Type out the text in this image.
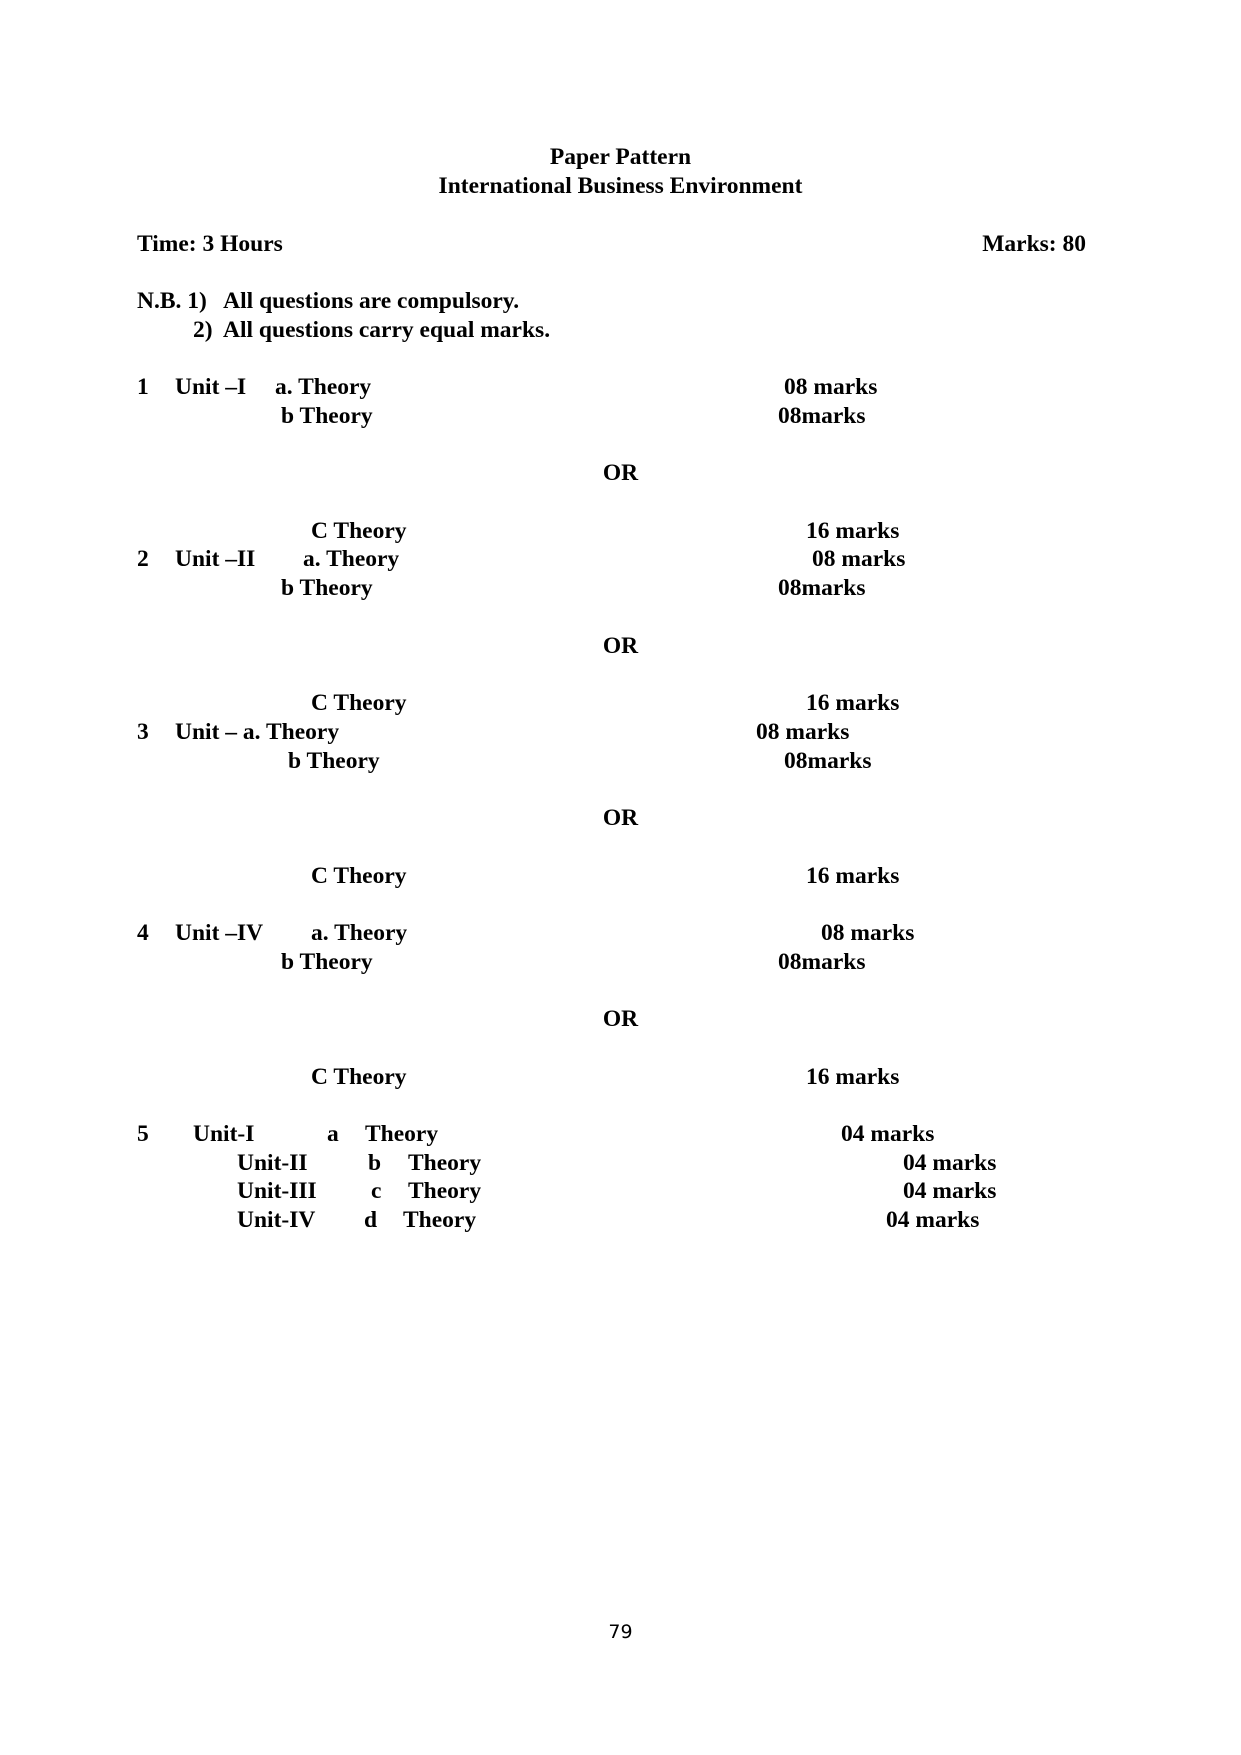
Paper Pattern
International Business Environment
Time: 3 Hours	Marks: 80
N.B. 1)   All questions are compulsory.
2)  All questions carry equal marks.
1 Unit –I a. Theory	08 marks
b Theory	08marks
OR
C Theory	16 marks
2 Unit –II a. Theory	08 marks
b Theory	08marks
OR
C Theory	16 marks
3 Unit – a. Theory	08 marks
b Theory	08marks
OR
C Theory	16 marks
4 Unit –IV a. Theory	08 marks
b Theory	08marks
OR
C Theory	16 marks
5 Unit-I	a Theory	04 marks
Unit-II	b Theory	04 marks
Unit-III c Theory	04 marks
Unit-IV d Theory	04 marks
79
